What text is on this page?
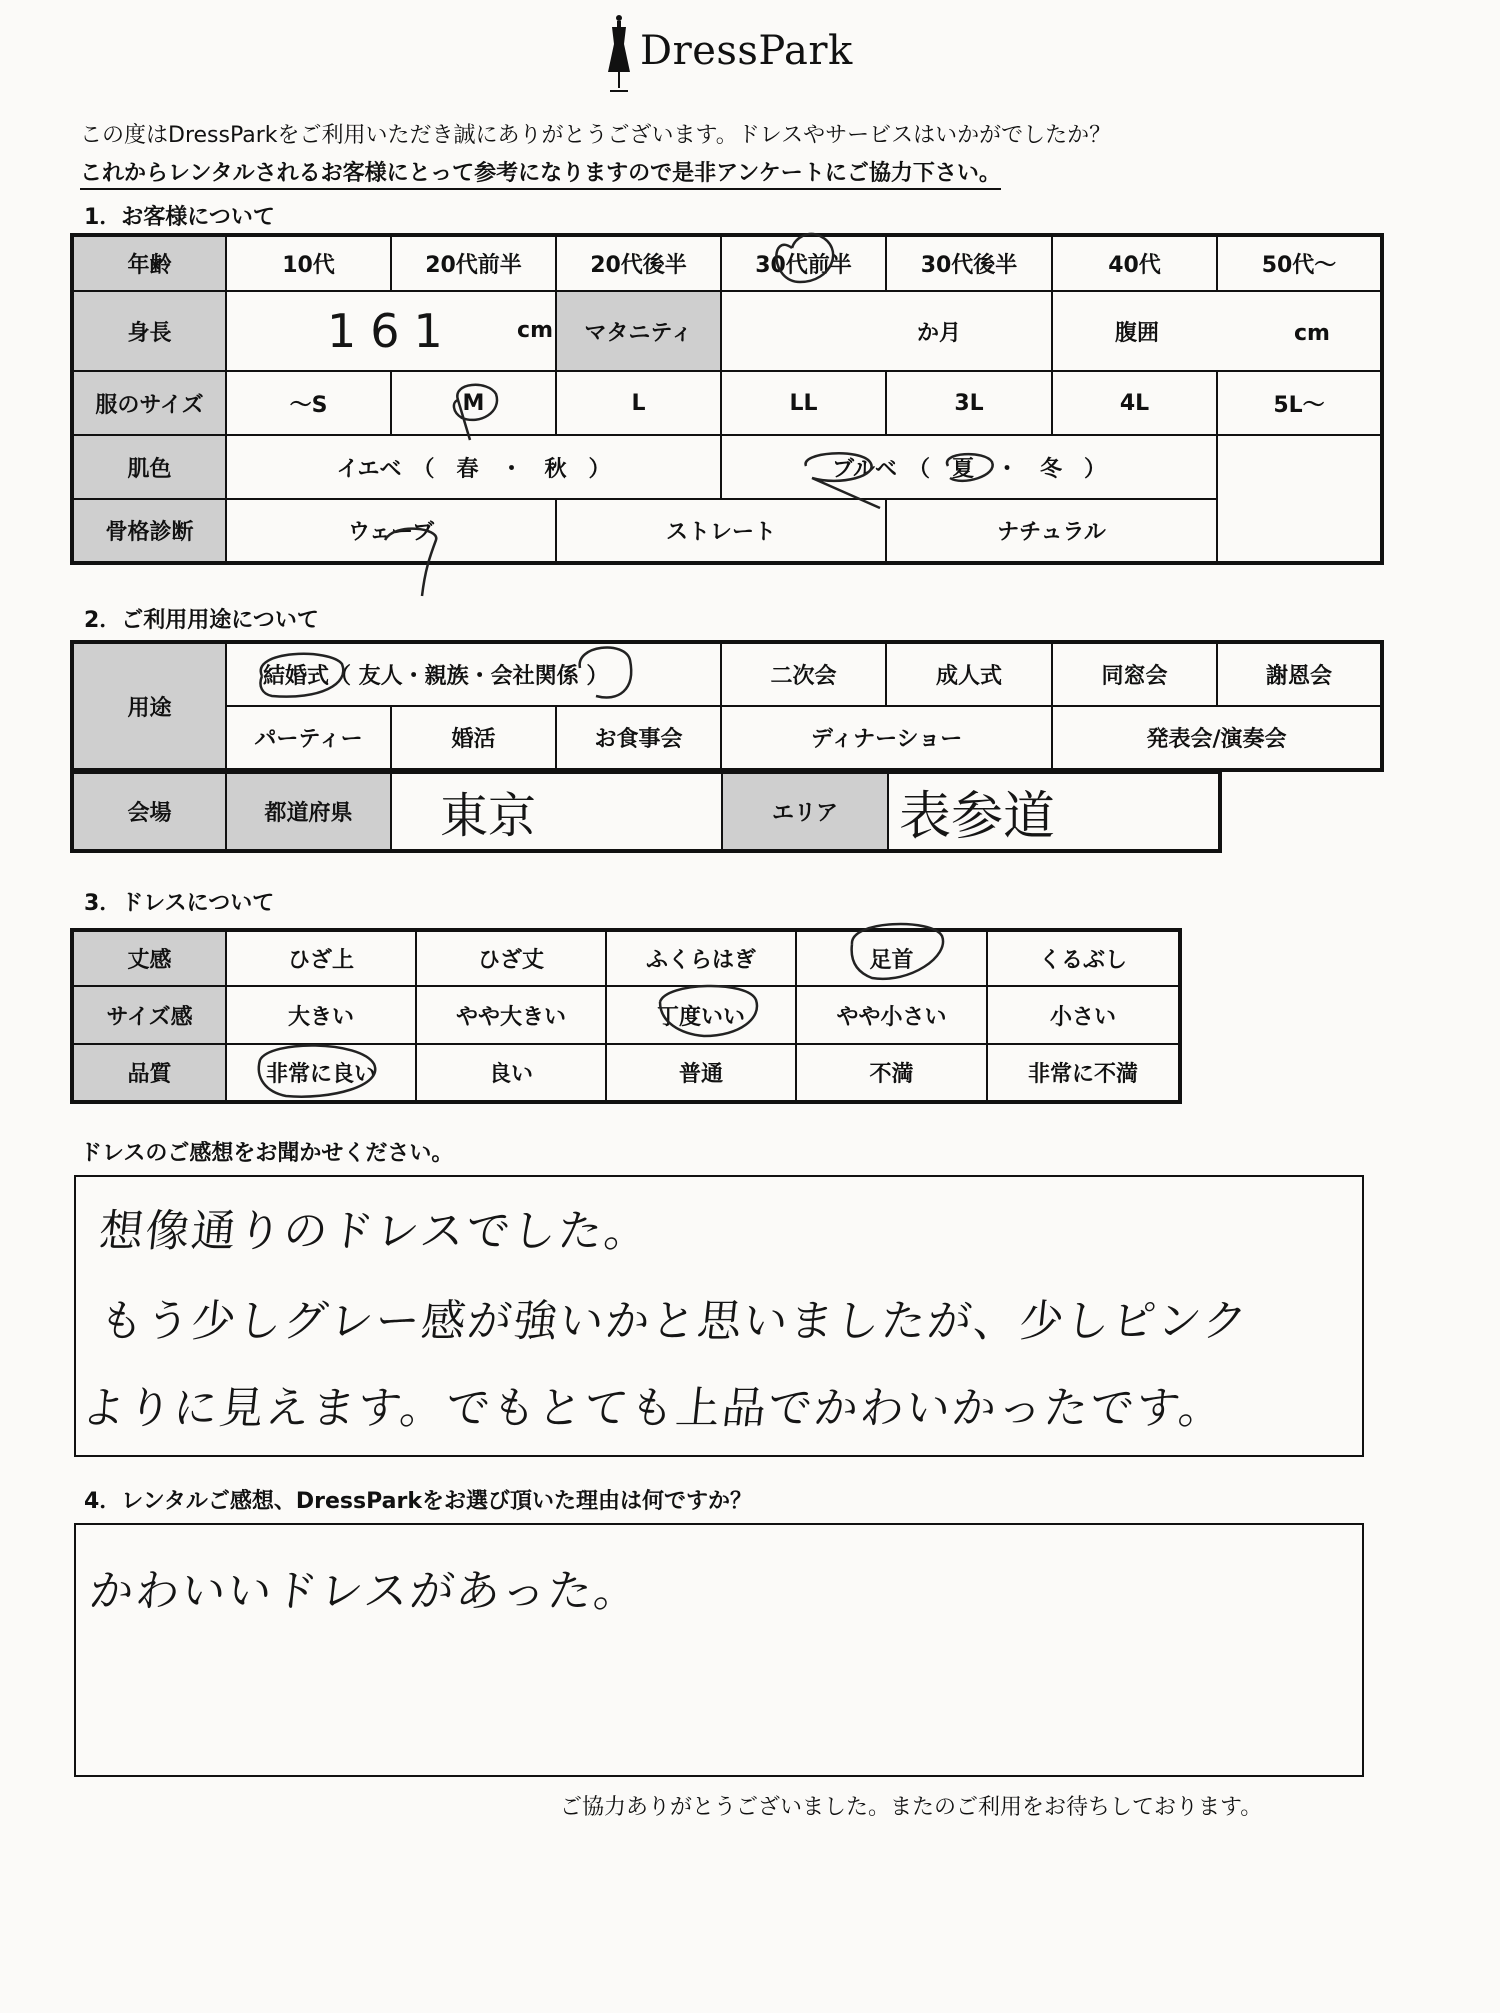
DressPark
この度はDressParkをご利用いただき誠にありがとうございます。ドレスやサービスはいかがでしたか？
これからレンタルされるお客様にとって参考になりますので是非アンケートにご協力下さい。
1．お客様について
年齢	10代	20代前半	20代後半	30代前半	30代後半	40代	50代〜
身長	161 cm		マタニティ	か月		腹囲 cm	
服のサイズ	〜S	M	L	LL	3L	4L	5L〜
肌色	イエベ　（　春　・　秋　）			ブルベ　（　夏　・　冬　）			
骨格診断	ウェーブ		ストレート		ナチュラル		
2．ご利用用途について
用途	結婚式（ 友人・親族・会社関係 ）			二次会	成人式	同窓会	謝恩会
	パーティー	婚活	お食事会	ディナーショー		発表会/演奏会	
会場	都道府県	東京	エリア	表参道
3．ドレスについて
丈感	ひざ上	ひざ丈	ふくらはぎ	足首	くるぶし
サイズ感	大きい	やや大きい	丁度いい	やや小さい	小さい
品質	非常に良い	良い	普通	不満	非常に不満
ドレスのご感想をお聞かせください。
想像通りのドレスでした。
もう少しグレー感が強いかと思いましたが、少しピンク
よりに見えます。でもとても上品でかわいかったです。
4．レンタルご感想、DressParkをお選び頂いた理由は何ですか？
かわいいドレスがあった。
ご協力ありがとうございました。またのご利用をお待ちしております。
